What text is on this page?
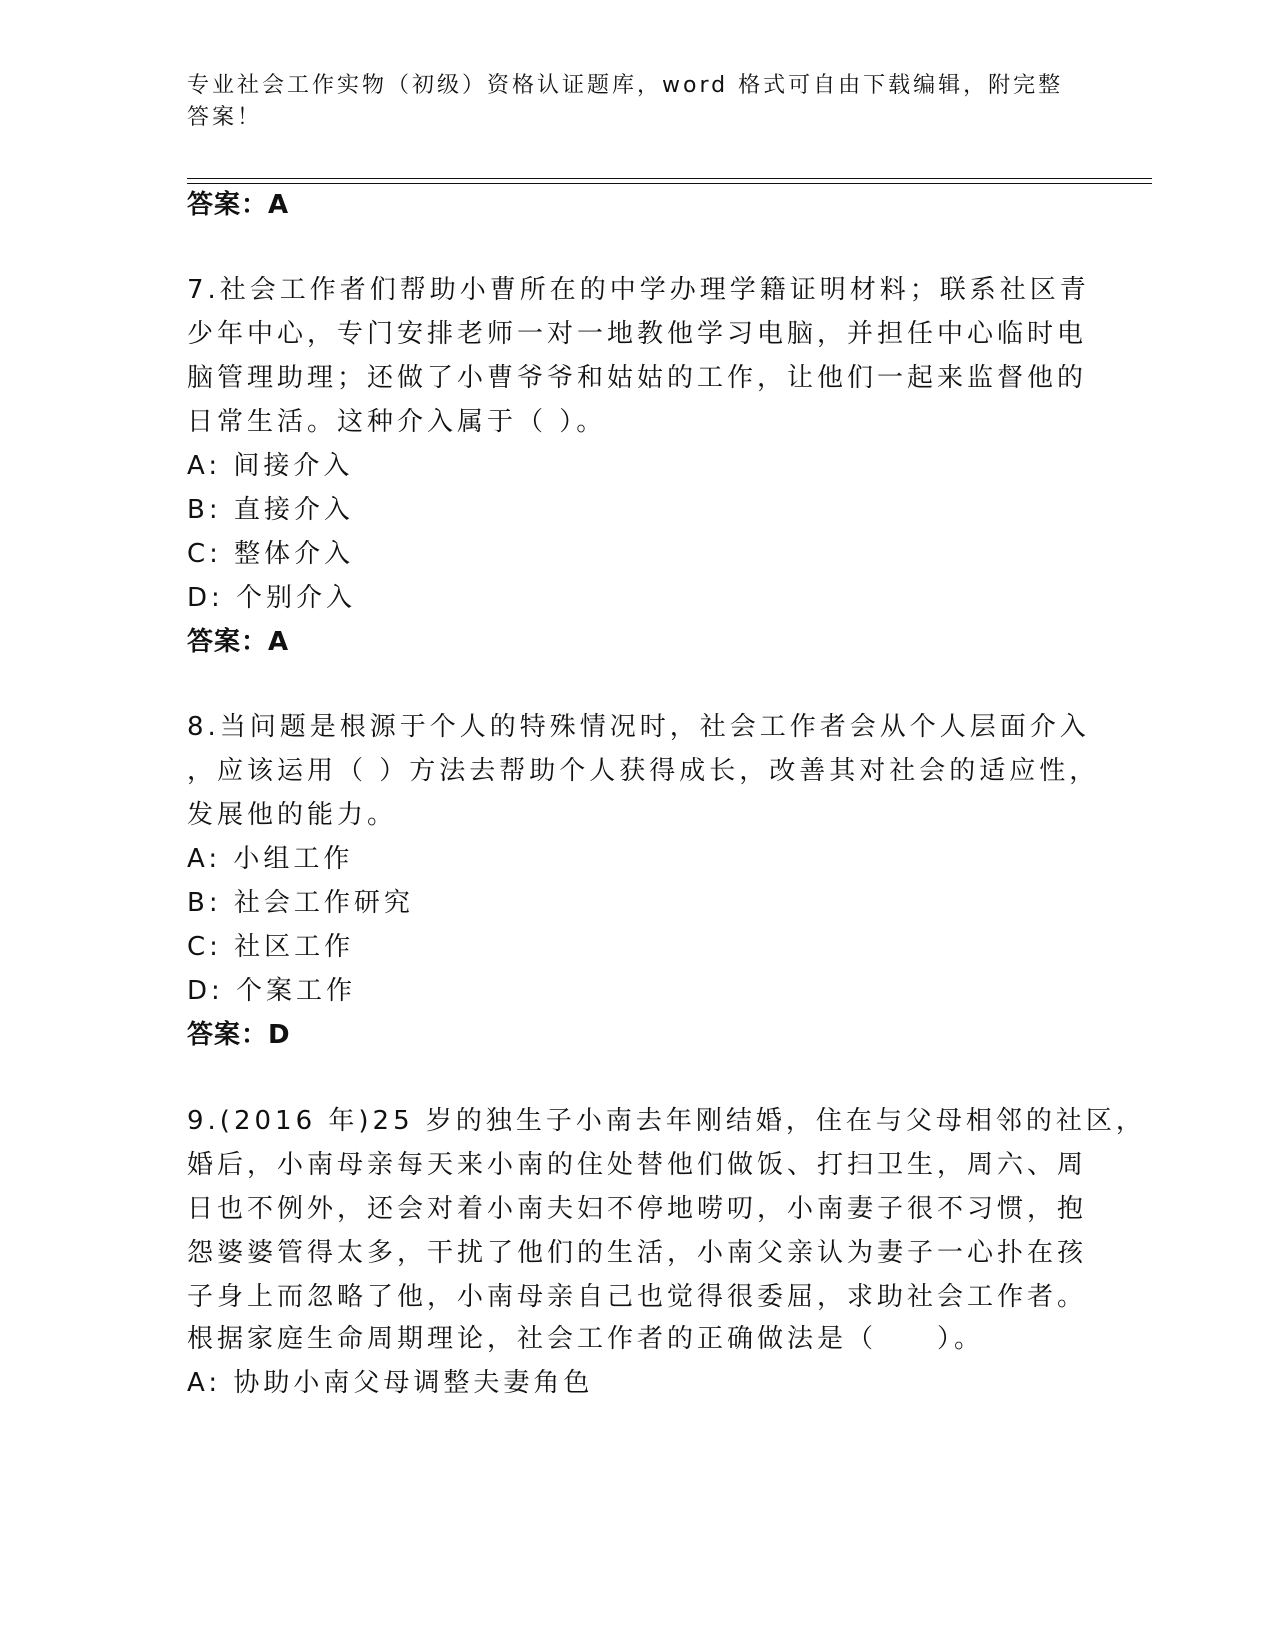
专业社会工作实物（初级）资格认证题库，word 格式可自由下载编辑，附完整答案！
答案：A
7.社会工作者们帮助小曹所在的中学办理学籍证明材料；联系社区青
少年中心，专门安排老师一对一地教他学习电脑，并担任中心临时电
脑管理助理；还做了小曹爷爷和姑姑的工作，让他们一起来监督他的
日常生活。这种介入属于（ ）。
A: 间接介入
B: 直接介入
C: 整体介入
D: 个别介入
答案：A
8.当问题是根源于个人的特殊情况时，社会工作者会从个人层面介入
，应该运用（ ）方法去帮助个人获得成长，改善其对社会的适应性，
发展他的能力。
A: 小组工作
B: 社会工作研究
C: 社区工作
D: 个案工作
答案：D
9.(2016 年)25 岁的独生子小南去年刚结婚，住在与父母相邻的社区，
婚后，小南母亲每天来小南的住处替他们做饭、打扫卫生，周六、周
日也不例外，还会对着小南夫妇不停地唠叨，小南妻子很不习惯，抱
怨婆婆管得太多，干扰了他们的生活，小南父亲认为妻子一心扑在孩
子身上而忽略了他，小南母亲自己也觉得很委屈，求助社会工作者。
根据家庭生命周期理论，社会工作者的正确做法是（　　）。
A: 协助小南父母调整夫妻角色
